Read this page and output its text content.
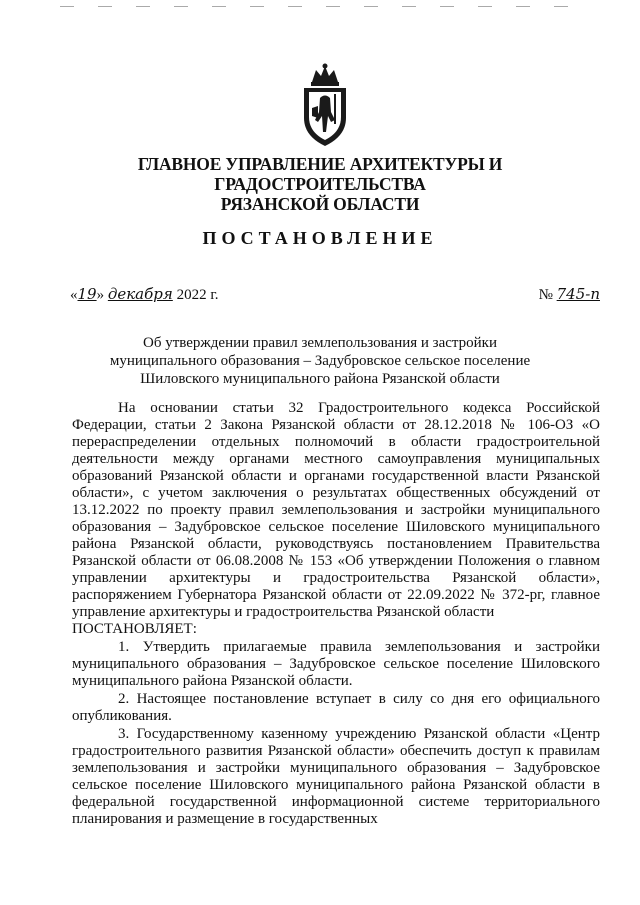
ГЛАВНОЕ УПРАВЛЕНИЕ АРХИТЕКТУРЫ И ГРАДОСТРОИТЕЛЬСТВА
РЯЗАНСКОЙ ОБЛАСТИ
ПОСТАНОВЛЕНИЕ
«19» декабря 2022 г.	№ 745-п
Об утверждении правил землепользования и застройки
муниципального образования – Задубровское сельское поселение
Шиловского муниципального района Рязанской области

На основании статьи 32 Градостроительного кодекса Российской Федерации, статьи 2 Закона Рязанской области от 28.12.2018 № 106-ОЗ «О перераспределении отдельных полномочий в области градостроительной деятельности между органами местного самоуправления муниципальных образований Рязанской области и органами государственной власти Рязанской области», с учетом заключения о результатах общественных обсуждений от 13.12.2022 по проекту правил землепользования и застройки муниципального образования – Задубровское сельское поселение Шиловского муниципального района Рязанской области, руководствуясь постановлением Правительства Рязанской области от 06.08.2008 № 153 «Об утверждении Положения о главном управлении архитектуры и градостроительства Рязанской области», распоряжением Губернатора Рязанской области от 22.09.2022 № 372-рг, главное управление архитектуры и градостроительства Рязанской области

ПОСТАНОВЛЯЕТ:

1. Утвердить прилагаемые правила землепользования и застройки муниципального образования – Задубровское сельское поселение Шиловского муниципального района Рязанской области.

2. Настоящее постановление вступает в силу со дня его официального опубликования.

3. Государственному казенному учреждению Рязанской области «Центр градостроительного развития Рязанской области» обеспечить доступ к правилам землепользования и застройки муниципального образования – Задубровское сельское поселение Шиловского муниципального района Рязанской области в федеральной государственной информационной системе территориального планирования и размещение в государственных
